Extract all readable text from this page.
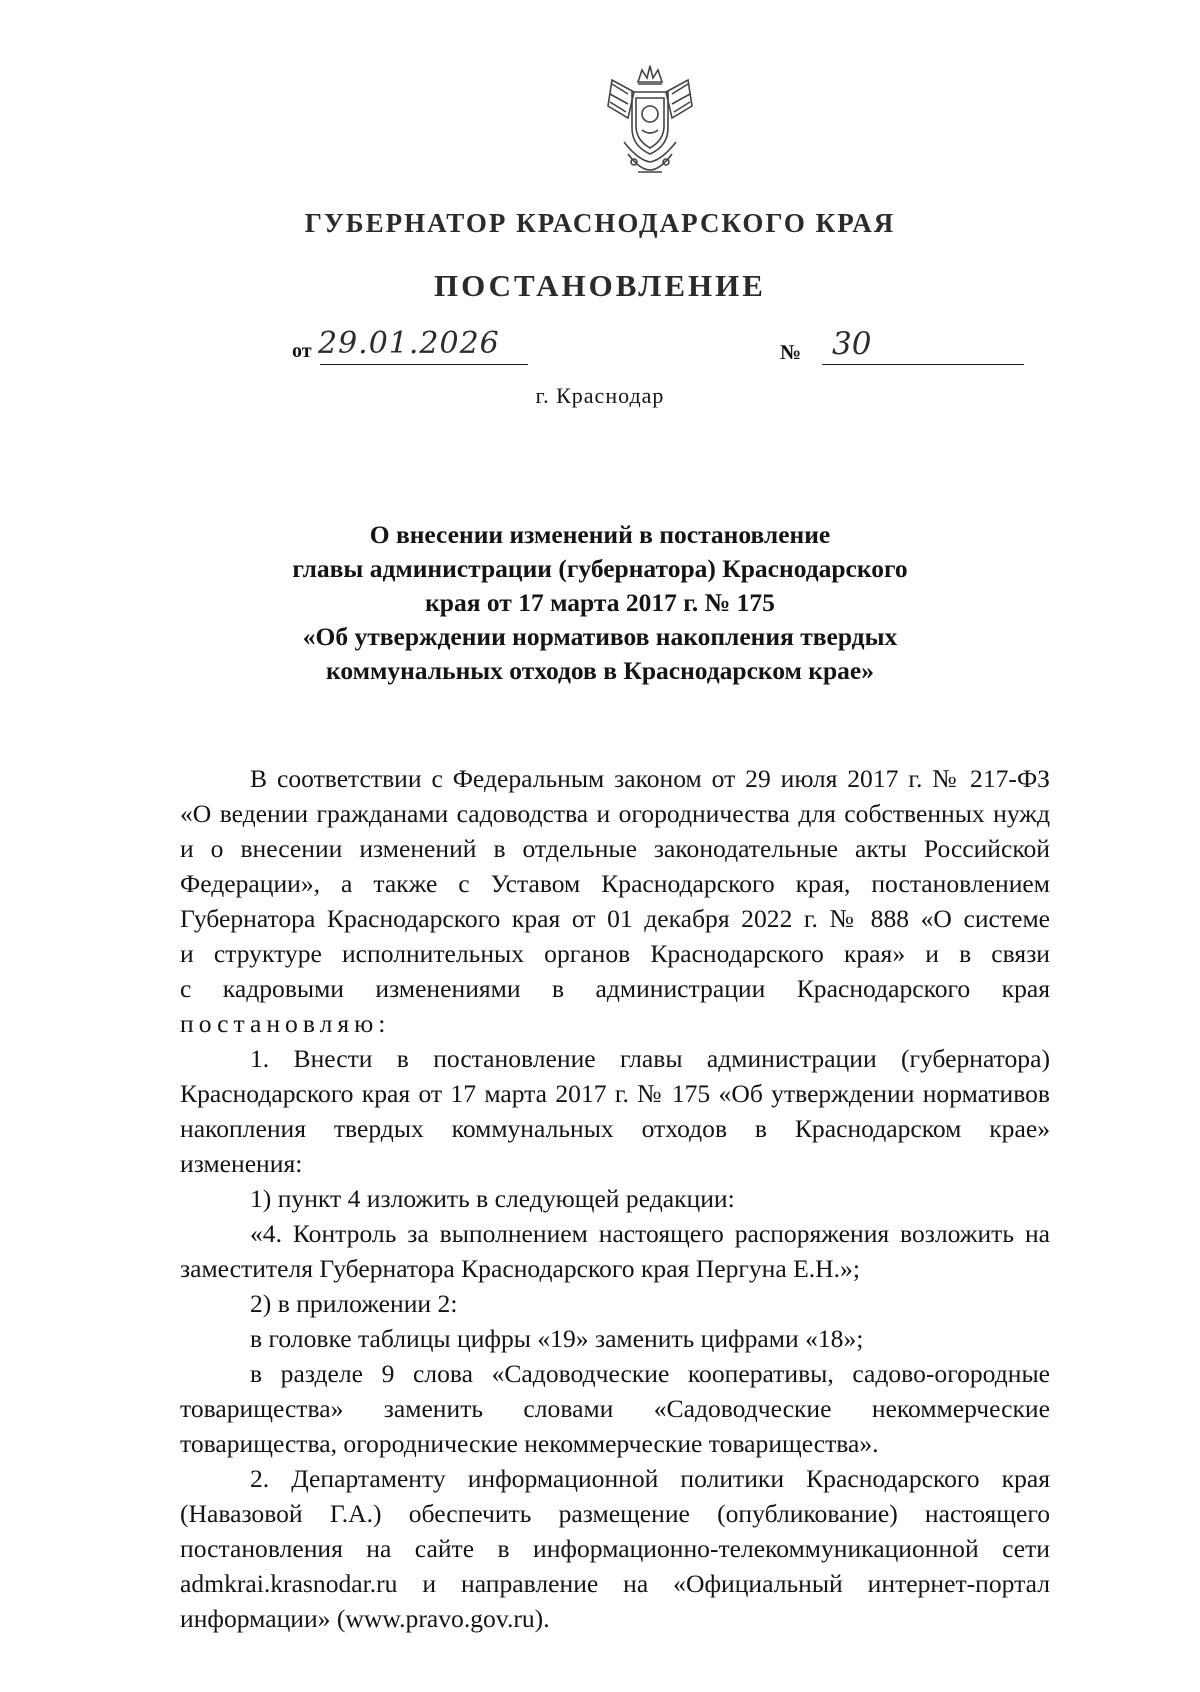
ГУБЕРНАТОР КРАСНОДАРСКОГО КРАЯ
ПОСТАНОВЛЕНИЕ
от 29.01.2026	№ 30
г. Краснодар
О внесении изменений в постановление
главы администрации (губернатора) Краснодарского
края от 17 марта 2017 г. № 175
«Об утверждении нормативов накопления твердых
коммунальных отходов в Краснодарском крае»
В соответствии с Федеральным законом от 29 июля 2017 г. № 217-ФЗ
«О ведении гражданами садоводства и огородничества для собственных нужд
и о внесении изменений в отдельные законодательные акты Российской
Федерации», а также с Уставом Краснодарского края, постановлением
Губернатора Краснодарского края от 01 декабря 2022 г. № 888 «О системе
и структуре исполнительных органов Краснодарского края» и в связи
с кадровыми изменениями в администрации Краснодарского края
постановляю:
1. Внести в постановление главы администрации (губернатора)
Краснодарского края от 17 марта 2017 г. № 175 «Об утверждении нормативов
накопления твердых коммунальных отходов в Краснодарском крае»
изменения:
1) пункт 4 изложить в следующей редакции:
«4. Контроль за выполнением настоящего распоряжения возложить на
заместителя Губернатора Краснодарского края Пергуна Е.Н.»;
2) в приложении 2:
в головке таблицы цифры «19» заменить цифрами «18»;
в разделе 9 слова «Садоводческие кооперативы, садово-огородные
товарищества» заменить словами «Садоводческие некоммерческие
товарищества, огороднические некоммерческие товарищества».
2. Департаменту информационной политики Краснодарского края
(Навазовой Г.А.) обеспечить размещение (опубликование) настоящего
постановления на сайте в информационно-телекоммуникационной сети
admkrai.krasnodar.ru и направление на «Официальный интернет-портал
информации» (www.pravo.gov.ru).
